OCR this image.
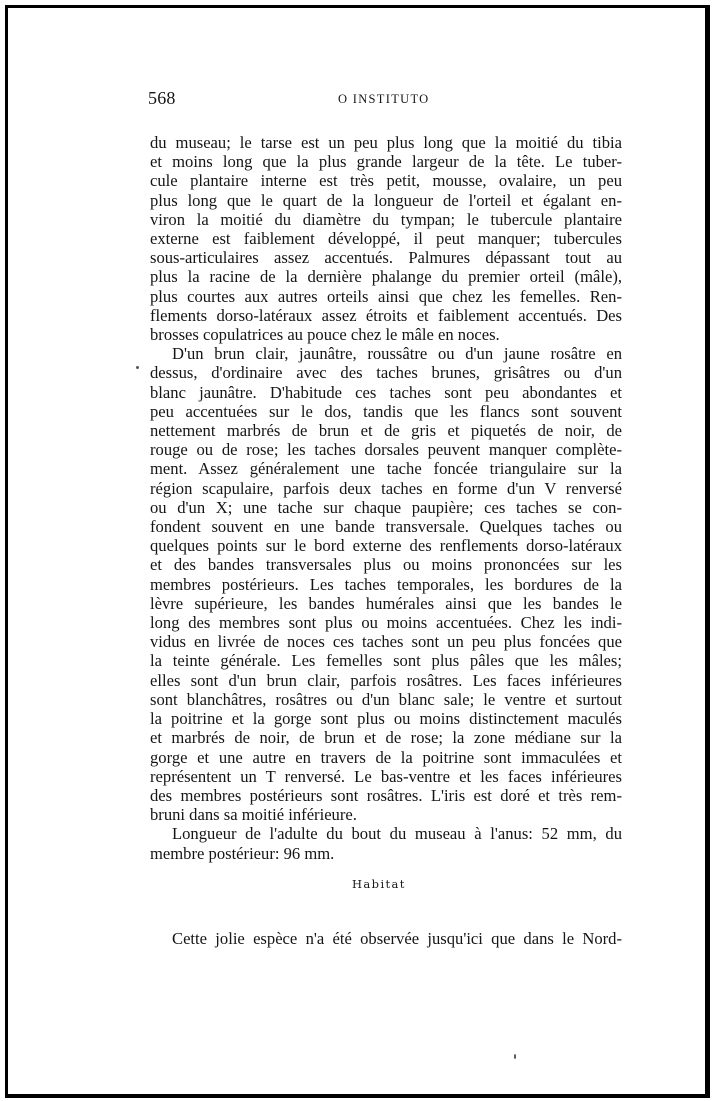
568	O INSTITUTO

du museau; le tarse est un peu plus long que la moitié du tibia
et moins long que la plus grande largeur de la tête. Le tuber-
cule plantaire interne est très petit, mousse, ovalaire, un peu
plus long que le quart de la longueur de l'orteil et égalant en-
viron la moitié du diamètre du tympan; le tubercule plantaire
externe est faiblement développé, il peut manquer; tubercules
sous-articulaires assez accentués. Palmures dépassant tout au
plus la racine de la dernière phalange du premier orteil (mâle),
plus courtes aux autres orteils ainsi que chez les femelles. Ren-
flements dorso-latéraux assez étroits et faiblement accentués. Des
brosses copulatrices au pouce chez le mâle en noces.

D'un brun clair, jaunâtre, roussâtre ou d'un jaune rosâtre en
dessus, d'ordinaire avec des taches brunes, grisâtres ou d'un
blanc jaunâtre. D'habitude ces taches sont peu abondantes et
peu accentuées sur le dos, tandis que les flancs sont souvent
nettement marbrés de brun et de gris et piquetés de noir, de
rouge ou de rose; les taches dorsales peuvent manquer complète-
ment. Assez généralement une tache foncée triangulaire sur la
région scapulaire, parfois deux taches en forme d'un V renversé
ou d'un X; une tache sur chaque paupière; ces taches se con-
fondent souvent en une bande transversale. Quelques taches ou
quelques points sur le bord externe des renflements dorso-latéraux
et des bandes transversales plus ou moins prononcées sur les
membres postérieurs. Les taches temporales, les bordures de la
lèvre supérieure, les bandes humérales ainsi que les bandes le
long des membres sont plus ou moins accentuées. Chez les indi-
vidus en livrée de noces ces taches sont un peu plus foncées que
la teinte générale. Les femelles sont plus pâles que les mâles;
elles sont d'un brun clair, parfois rosâtres. Les faces inférieures
sont blanchâtres, rosâtres ou d'un blanc sale; le ventre et surtout
la poitrine et la gorge sont plus ou moins distinctement maculés
et marbrés de noir, de brun et de rose; la zone médiane sur la
gorge et une autre en travers de la poitrine sont immaculées et
représentent un T renversé. Le bas-ventre et les faces inférieures
des membres postérieurs sont rosâtres. L'iris est doré et très rem-
bruni dans sa moitié inférieure.

Longueur de l'adulte du bout du museau à l'anus: 52 mm, du
membre postérieur: 96 mm.

Habitat

Cette jolie espèce n'a été observée jusqu'ici que dans le Nord-
